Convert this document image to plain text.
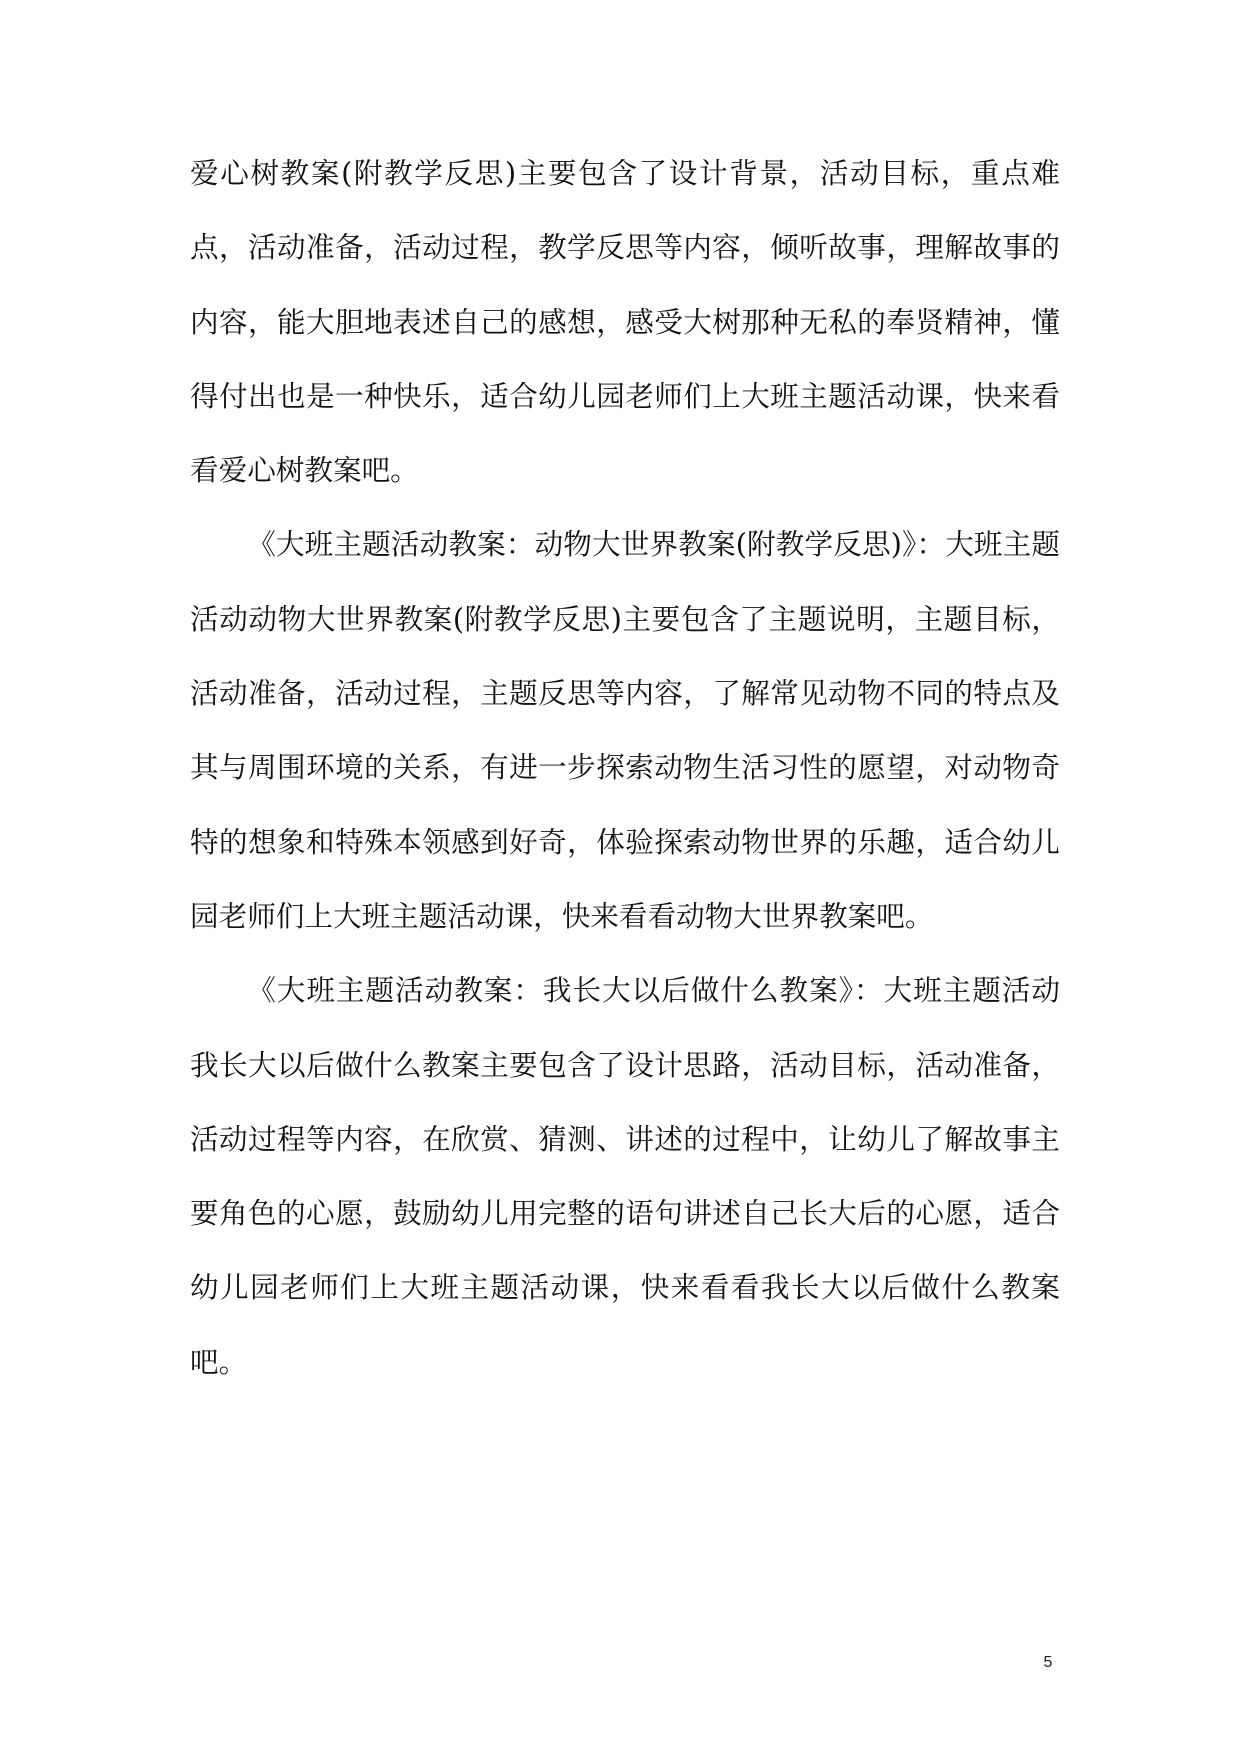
爱心树教案(附教学反思)主要包含了设计背景，活动目标，重点难点，活动准备，活动过程，教学反思等内容，倾听故事，理解故事的内容，能大胆地表述自己的感想，感受大树那种无私的奉贤精神，懂得付出也是一种快乐，适合幼儿园老师们上大班主题活动课，快来看看爱心树教案吧。

《大班主题活动教案：动物大世界教案(附教学反思)》：大班主题活动动物大世界教案(附教学反思)主要包含了主题说明，主题目标，活动准备，活动过程，主题反思等内容，了解常见动物不同的特点及其与周围环境的关系，有进一步探索动物生活习性的愿望，对动物奇特的想象和特殊本领感到好奇，体验探索动物世界的乐趣，适合幼儿园老师们上大班主题活动课，快来看看动物大世界教案吧。

《大班主题活动教案：我长大以后做什么教案》：大班主题活动我长大以后做什么教案主要包含了设计思路，活动目标，活动准备，活动过程等内容，在欣赏、猜测、讲述的过程中，让幼儿了解故事主要角色的心愿，鼓励幼儿用完整的语句讲述自己长大后的心愿，适合幼儿园老师们上大班主题活动课，快来看看我长大以后做什么教案吧。

5
